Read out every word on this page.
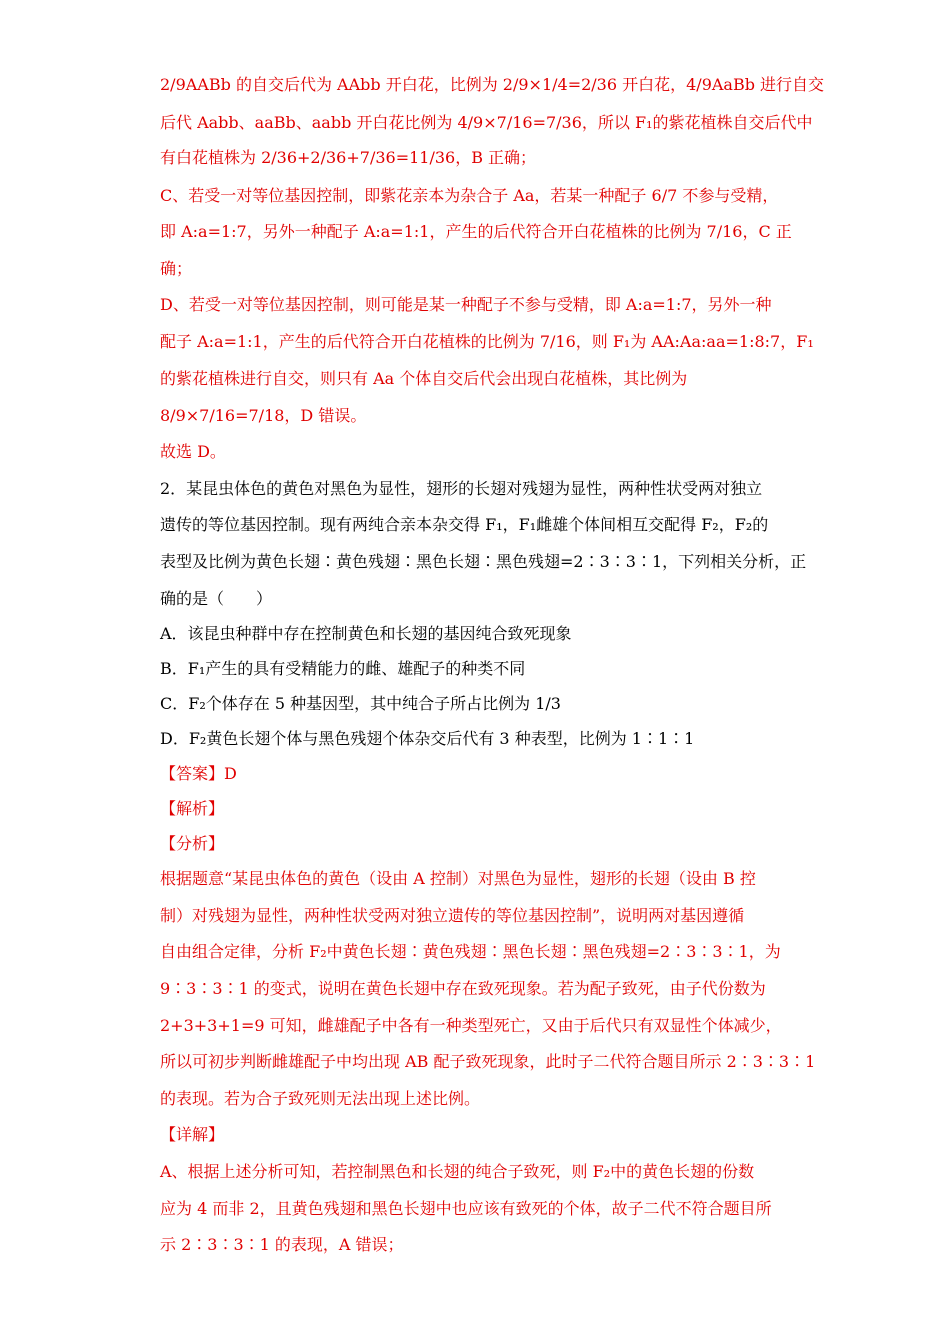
2/9AABb 的自交后代为 AAbb 开白花，比例为 2/9×1/4=2/36 开白花，4/9AaBb 进行自交
后代 Aabb、aaBb、aabb 开白花比例为 4/9×7/16=7/36，所以 F₁的紫花植株自交后代中
有白花植株为 2/36+2/36+7/36=11/36，B 正确；
C、若受一对等位基因控制，即紫花亲本为杂合子 Aa，若某一种配子 6/7 不参与受精，
即 A:a=1:7，另外一种配子 A:a=1:1，产生的后代符合开白花植株的比例为 7/16，C 正
确；
D、若受一对等位基因控制，则可能是某一种配子不参与受精，即 A:a=1:7，另外一种
配子 A:a=1:1，产生的后代符合开白花植株的比例为 7/16，则 F₁为 AA:Aa:aa=1:8:7，F₁
的紫花植株进行自交，则只有 Aa 个体自交后代会出现白花植株，其比例为
8/9×7/16=7/18，D 错误。
故选 D。
2．某昆虫体色的黄色对黑色为显性，翅形的长翅对残翅为显性，两种性状受两对独立
遗传的等位基因控制。现有两纯合亲本杂交得 F₁，F₁雌雄个体间相互交配得 F₂，F₂的
表型及比例为黄色长翅∶黄色残翅∶黑色长翅∶黑色残翅=2∶3∶3∶1，下列相关分析，正
确的是（　　）
A．该昆虫种群中存在控制黄色和长翅的基因纯合致死现象
B．F₁产生的具有受精能力的雌、雄配子的种类不同
C．F₂个体存在 5 种基因型，其中纯合子所占比例为 1/3
D．F₂黄色长翅个体与黑色残翅个体杂交后代有 3 种表型，比例为 1∶1∶1
【答案】D
【解析】
【分析】
根据题意“某昆虫体色的黄色（设由 A 控制）对黑色为显性，翅形的长翅（设由 B 控
制）对残翅为显性，两种性状受两对独立遗传的等位基因控制”，说明两对基因遵循
自由组合定律，分析 F₂中黄色长翅∶黄色残翅∶黑色长翅∶黑色残翅=2∶3∶3∶1，为
9∶3∶3∶1 的变式，说明在黄色长翅中存在致死现象。若为配子致死，由子代份数为
2+3+3+1=9 可知，雌雄配子中各有一种类型死亡，又由于后代只有双显性个体减少，
所以可初步判断雌雄配子中均出现 AB 配子致死现象，此时子二代符合题目所示 2∶3∶3∶1
的表现。若为合子致死则无法出现上述比例。
【详解】
A、根据上述分析可知，若控制黑色和长翅的纯合子致死，则 F₂中的黄色长翅的份数
应为 4 而非 2，且黄色残翅和黑色长翅中也应该有致死的个体，故子二代不符合题目所
示 2∶3∶3∶1 的表现，A 错误；
